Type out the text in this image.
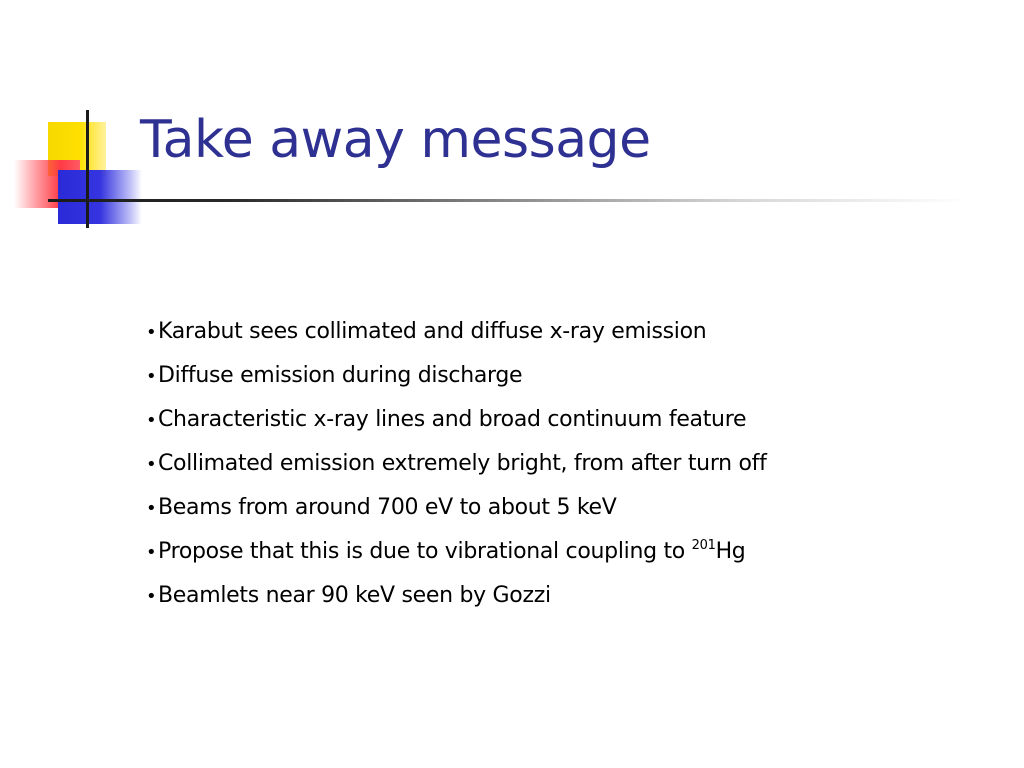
Take away message
•Karabut sees collimated and diffuse x-ray emission
•Diffuse emission during discharge
•Characteristic x-ray lines and broad continuum feature
•Collimated emission extremely bright, from after turn off
•Beams from around 700 eV to about 5 keV
•Propose that this is due to vibrational coupling to $^{201}$Hg
•Beamlets near 90 keV seen by Gozzi
